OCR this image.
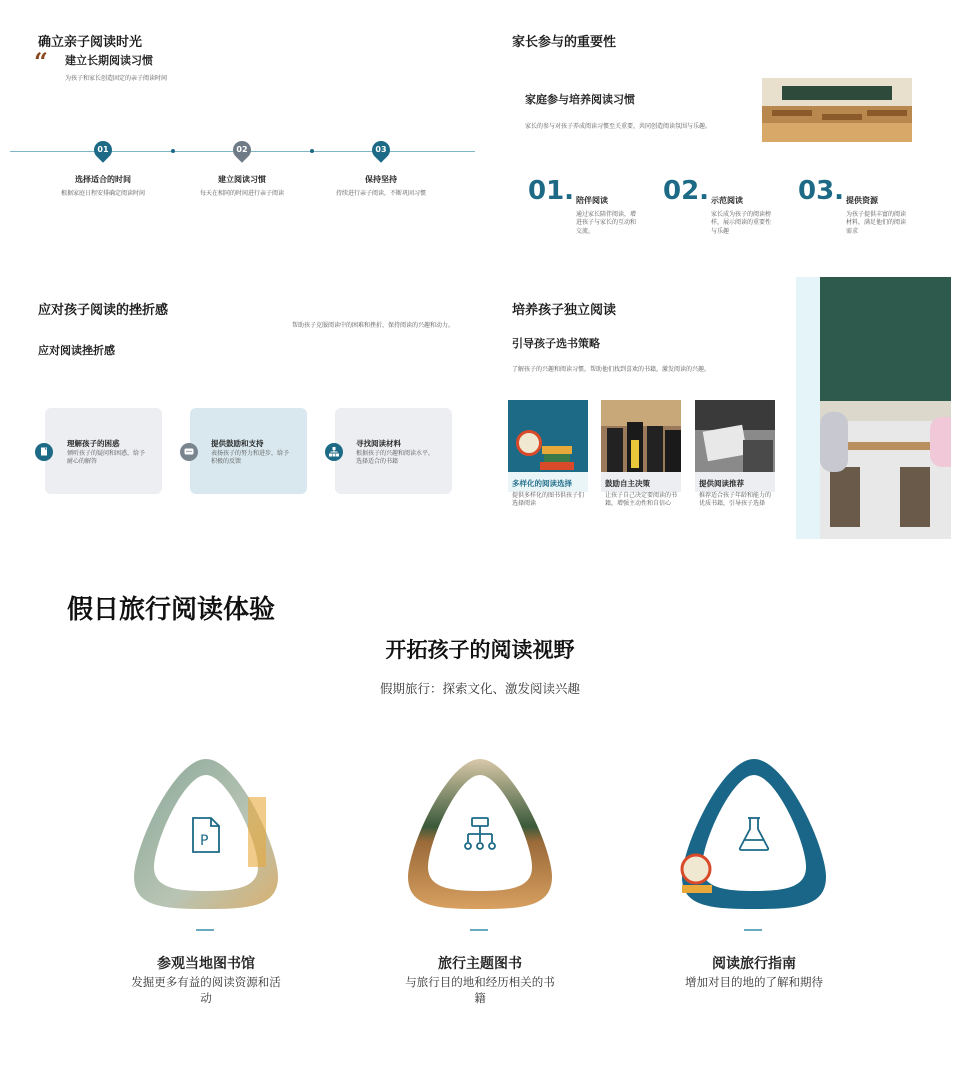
确立亲子阅读时光
“ 建立长期阅读习惯
为孩子和家长创造固定的亲子阅读时间
01	02	03
选择适合的时间
根据家庭日程安排确定阅读时间
建立阅读习惯
每天在相同的时间进行亲子阅读
保持坚持
持续进行亲子阅读，不断巩固习惯
家长参与的重要性
家庭参与培养阅读习惯
家长的参与对孩子养成阅读习惯至关重要，共同创造阅读氛围与乐趣。
01. 陪伴阅读
通过家长陪伴阅读，增进孩子与家长的互动和交流。
02. 示范阅读
家长成为孩子的阅读榜样，展示阅读的重要性与乐趣
03. 提供资源
为孩子提供丰富的阅读材料，满足他们的阅读需求
应对孩子阅读的挫折感
帮助孩子克服阅读中的困难和挫折，保持阅读的兴趣和动力。
应对阅读挫折感
理解孩子的困惑
倾听孩子的疑问和困惑，给予耐心的解答
提供鼓励和支持
表扬孩子的努力和进步，给予积极的反馈
寻找阅读材料
根据孩子的兴趣和阅读水平，选择适合的书籍
培养孩子独立阅读
引导孩子选书策略
了解孩子的兴趣和阅读习惯，帮助他们找到喜欢的书籍，激发阅读的兴趣。
多样化的阅读选择
提供多样化的图书供孩子们选择阅读
鼓励自主决策
让孩子自己决定要阅读的书籍，增强主动性和自信心
提供阅读推荐
推荐适合孩子年龄和能力的优质书籍，引导孩子选择
假日旅行阅读体验
开拓孩子的阅读视野
假期旅行：探索文化、激发阅读兴趣
P
参观当地图书馆
发掘更多有益的阅读资源和活动
旅行主题图书
与旅行目的地和经历相关的书籍
阅读旅行指南
增加对目的地的了解和期待
